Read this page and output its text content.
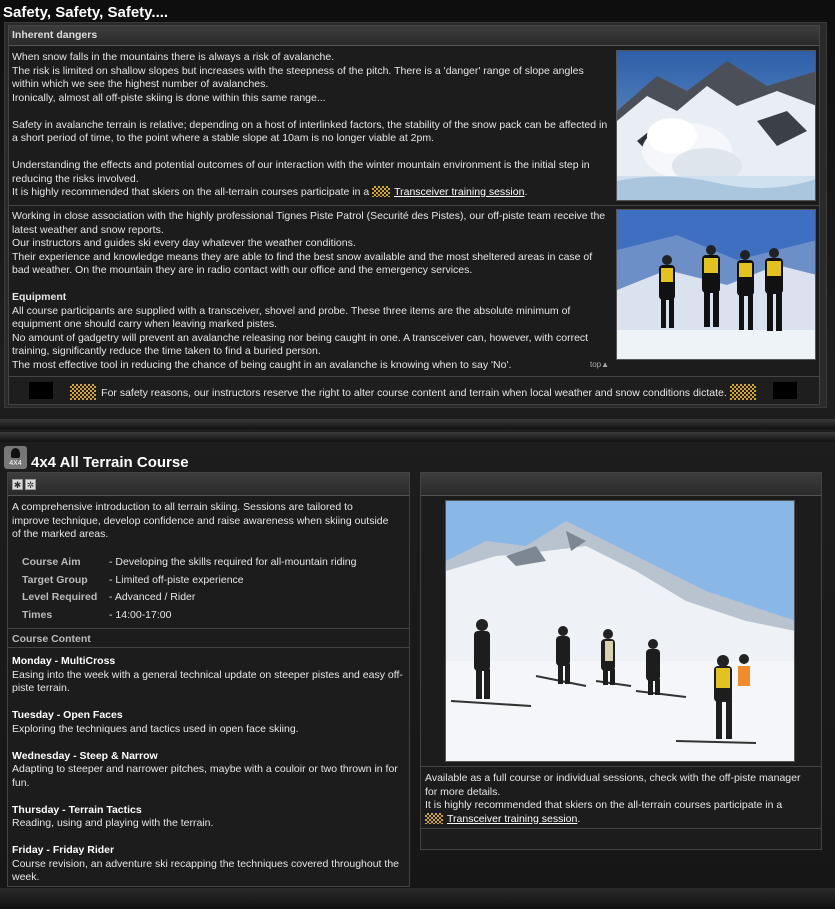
Safety, Safety, Safety....
Inherent dangers

When snow falls in the mountains there is always a risk of avalanche.

The risk is limited on shallow slopes but increases with the steepness of the pitch. There is a 'danger' range of slope angles within which we see the highest number of avalanches.

Ironically, almost all off-piste skiing is done within this same range...

Safety in avalanche terrain is relative; depending on a host of interlinked factors, the stability of the snow pack can be affected in a short period of time, to the point where a stable slope at 10am is no longer viable at 2pm.

Understanding the effects and potential outcomes of our interaction with the winter mountain environment is the initial step in reducing the risks involved.

It is highly recommended that skiers on the all-terrain courses participate in a Transceiver training session.

Working in close association with the highly professional Tignes Piste Patrol (Securité des Pistes), our off-piste team receive the latest weather and snow reports.

Our instructors and guides ski every day whatever the weather conditions.

Their experience and knowledge means they are able to find the best snow available and the most sheltered areas in case of bad weather. On the mountain they are in radio contact with our office and the emergency services.

Equipment

All course participants are supplied with a transceiver, shovel and probe. These three items are the absolute minimum of equipment one should carry when leaving marked pistes.

No amount of gadgetry will prevent an avalanche releasing nor being caught in one. A transceiver can, however, with correct training, significantly reduce the time taken to find a buried person.

The most effective tool in reducing the chance of being caught in an avalanche is knowing when to say 'No'.	top▲
For safety reasons, our instructors reserve the right to alter course content and terrain when local weather and snow conditions dictate.
4X4 4x4 All Terrain Course
✱ ✲
A comprehensive introduction to all terrain skiing. Sessions are tailored to improve technique, develop confidence and raise awareness when skiing outside of the marked areas.
Course Aim	- Developing the skills required for all-mountain riding
Target Group	- Limited off-piste experience
Level Required	- Advanced / Rider
Times	- 14:00-17:00
Course Content
Monday - MultiCross
Easing into the week with a general technical update on steeper pistes and easy off-piste terrain.
Tuesday - Open Faces
Exploring the techniques and tactics used in open face skiing.
Wednesday - Steep & Narrow
Adapting to steeper and narrower pitches, maybe with a couloir or two thrown in for fun.
Thursday - Terrain Tactics
Reading, using and playing with the terrain.
Friday - Friday Rider
Course revision, an adventure ski recapping the techniques covered throughout the week.
Available as a full course or individual sessions, check with the off-piste manager for more details.
It is highly recommended that skiers on the all-terrain courses participate in a
Transceiver training session.
